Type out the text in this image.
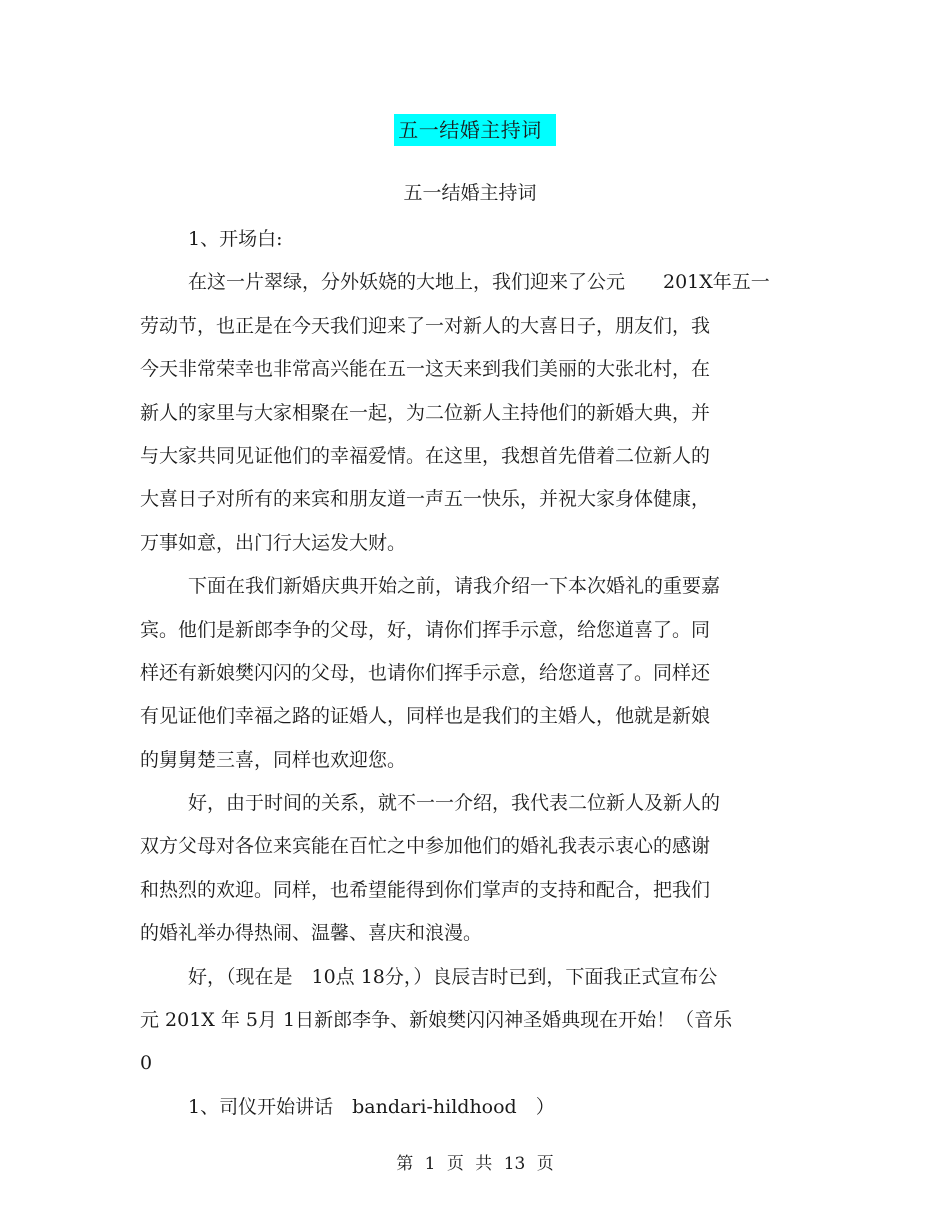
五一结婚主持词
五一结婚主持词
1、开场白:
在这一片翠绿，分外妖娆的大地上，我们迎来了公元　　201X年五一
劳动节，也正是在今天我们迎来了一对新人的大喜日子，朋友们，我
今天非常荣幸也非常高兴能在五一这天来到我们美丽的大张北村，在
新人的家里与大家相聚在一起，为二位新人主持他们的新婚大典，并
与大家共同见证他们的幸福爱情。在这里，我想首先借着二位新人的
大喜日子对所有的来宾和朋友道一声五一快乐，并祝大家身体健康，
万事如意，出门行大运发大财。
下面在我们新婚庆典开始之前，请我介绍一下本次婚礼的重要嘉
宾。他们是新郎李争的父母，好，请你们挥手示意，给您道喜了。同
样还有新娘樊闪闪的父母，也请你们挥手示意，给您道喜了。同样还
有见证他们幸福之路的证婚人，同样也是我们的主婚人，他就是新娘
的舅舅楚三喜，同样也欢迎您。
好，由于时间的关系，就不一一介绍，我代表二位新人及新人的
双方父母对各位来宾能在百忙之中参加他们的婚礼我表示衷心的感谢
和热烈的欢迎。同样，也希望能得到你们掌声的支持和配合，把我们
的婚礼举办得热闹、温馨、喜庆和浪漫。
好，（现在是　10点 18分，）良辰吉时已到，下面我正式宣布公
元 201X 年 5月 1日新郎李争、新娘樊闪闪神圣婚典现在开始！（音乐
0
1、司仪开始讲话　bandari-hildhood　）
第 1 页 共 13 页
